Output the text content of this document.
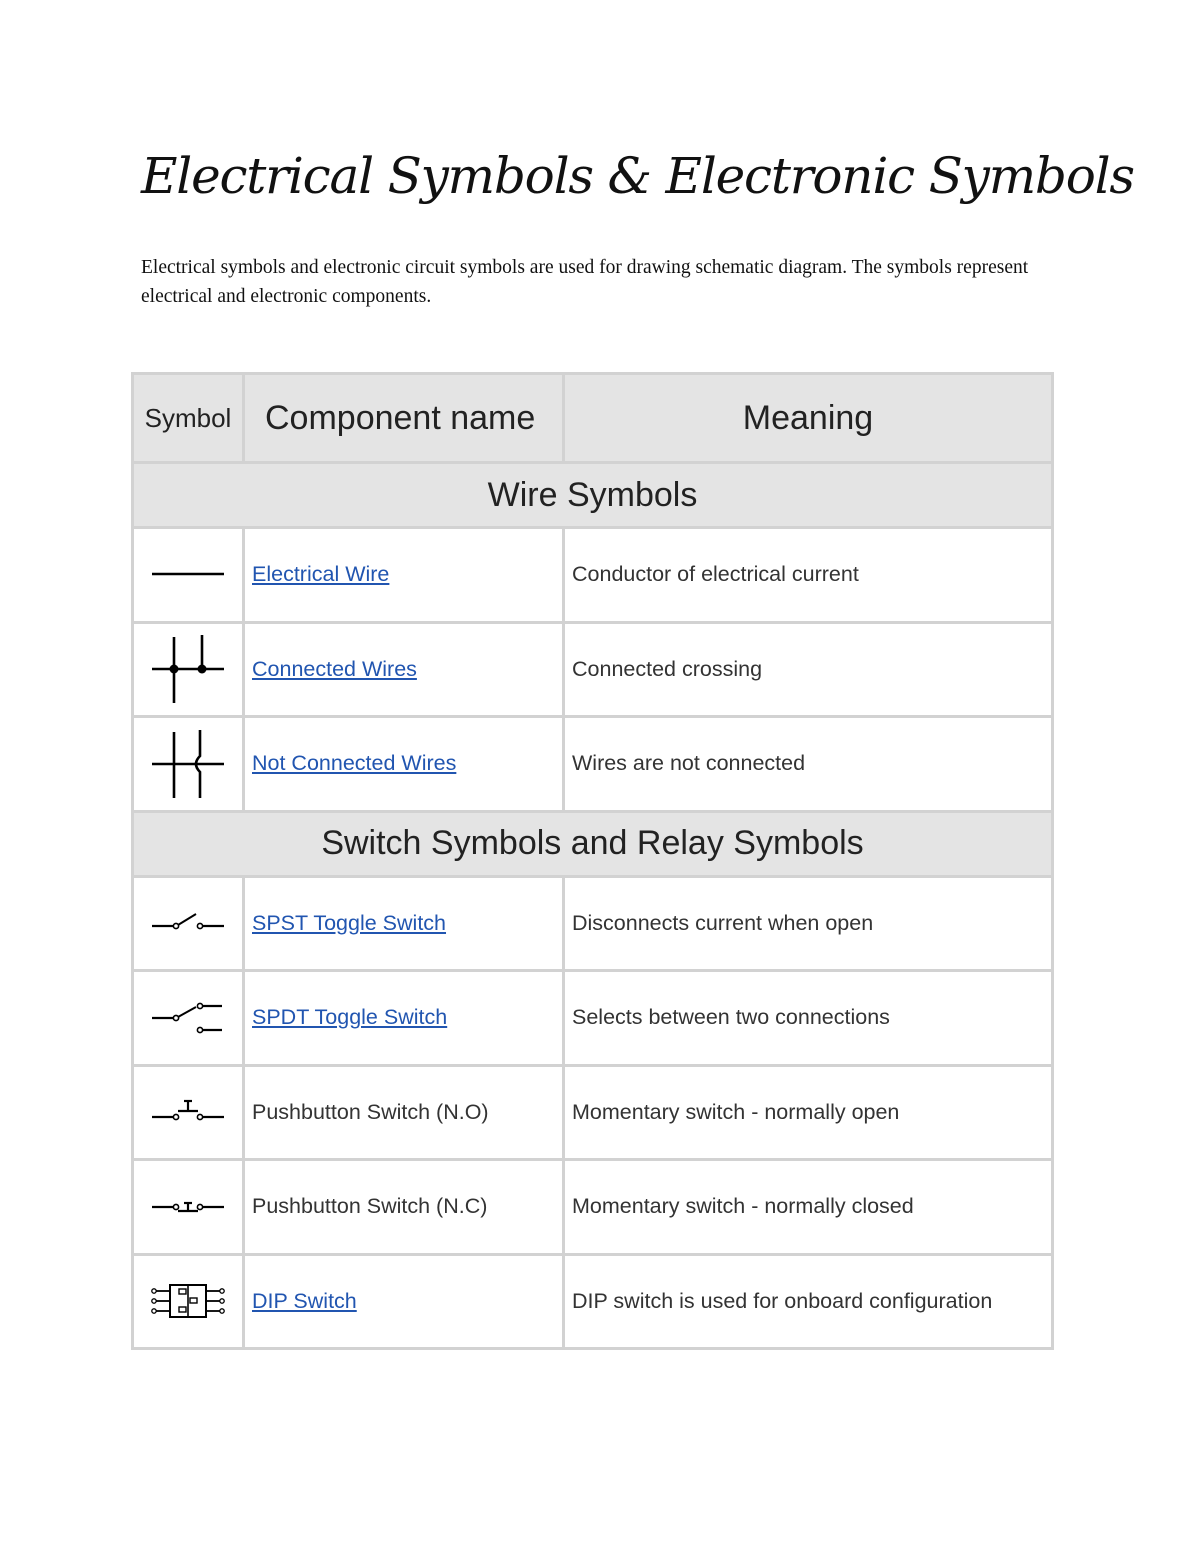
Electrical Symbols & Electronic Symbols

Electrical symbols and electronic circuit symbols are used for drawing schematic diagram. The symbols represent electrical and electronic components.

Symbol	Component name	Meaning
Wire Symbols		

	Electrical Wire	Conductor of electrical current

	Connected Wires	Connected crossing

	Not Connected Wires	Wires are not connected
Switch Symbols and Relay Symbols		

	SPST Toggle Switch	Disconnects current when open

	SPDT Toggle Switch	Selects between two connections

	Pushbutton Switch (N.O)	Momentary switch - normally open

	Pushbutton Switch (N.C)	Momentary switch - normally closed

	DIP Switch	DIP switch is used for onboard configuration
